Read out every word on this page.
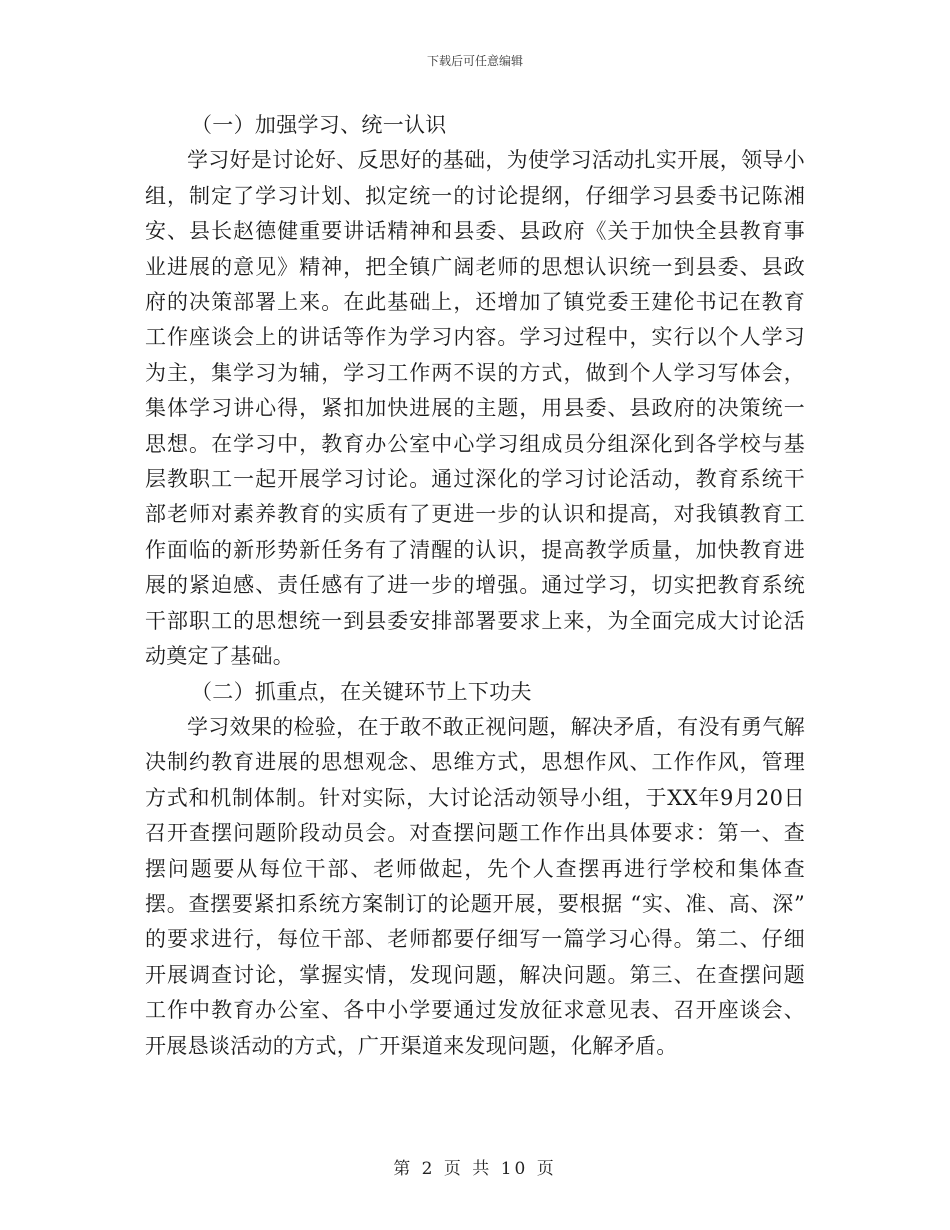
下载后可任意编辑

（一）加强学习、统一认识

学习好是讨论好、反思好的基础，为使学习活动扎实开展，领导小组，制定了学习计划、拟定统一的讨论提纲，仔细学习县委书记陈湘安、县长赵德健重要讲话精神和县委、县政府《关于加快全县教育事业进展的意见》精神，把全镇广阔老师的思想认识统一到县委、县政府的决策部署上来。在此基础上，还增加了镇党委王建伦书记在教育工作座谈会上的讲话等作为学习内容。学习过程中，实行以个人学习为主，集学习为辅，学习工作两不误的方式，做到个人学习写体会，集体学习讲心得，紧扣加快进展的主题，用县委、县政府的决策统一思想。在学习中，教育办公室中心学习组成员分组深化到各学校与基层教职工一起开展学习讨论。通过深化的学习讨论活动，教育系统干部老师对素养教育的实质有了更进一步的认识和提高，对我镇教育工作面临的新形势新任务有了清醒的认识，提高教学质量，加快教育进展的紧迫感、责任感有了进一步的增强。通过学习，切实把教育系统干部职工的思想统一到县委安排部署要求上来，为全面完成大讨论活动奠定了基础。

（二）抓重点，在关键环节上下功夫

学习效果的检验，在于敢不敢正视问题，解决矛盾，有没有勇气解决制约教育进展的思想观念、思维方式，思想作风、工作作风，管理方式和机制体制。针对实际，大讨论活动领导小组，于XX年9月20日召开查摆问题阶段动员会。对查摆问题工作作出具体要求：第一、查摆问题要从每位干部、老师做起，先个人查摆再进行学校和集体查摆。查摆要紧扣系统方案制订的论题开展，要根据 “实、准、高、深” 的要求进行，每位干部、老师都要仔细写一篇学习心得。第二、仔细开展调查讨论，掌握实情，发现问题，解决问题。第三、在查摆问题工作中教育办公室、各中小学要通过发放征求意见表、召开座谈会、开展恳谈活动的方式，广开渠道来发现问题，化解矛盾。

第 2 页 共 10 页
